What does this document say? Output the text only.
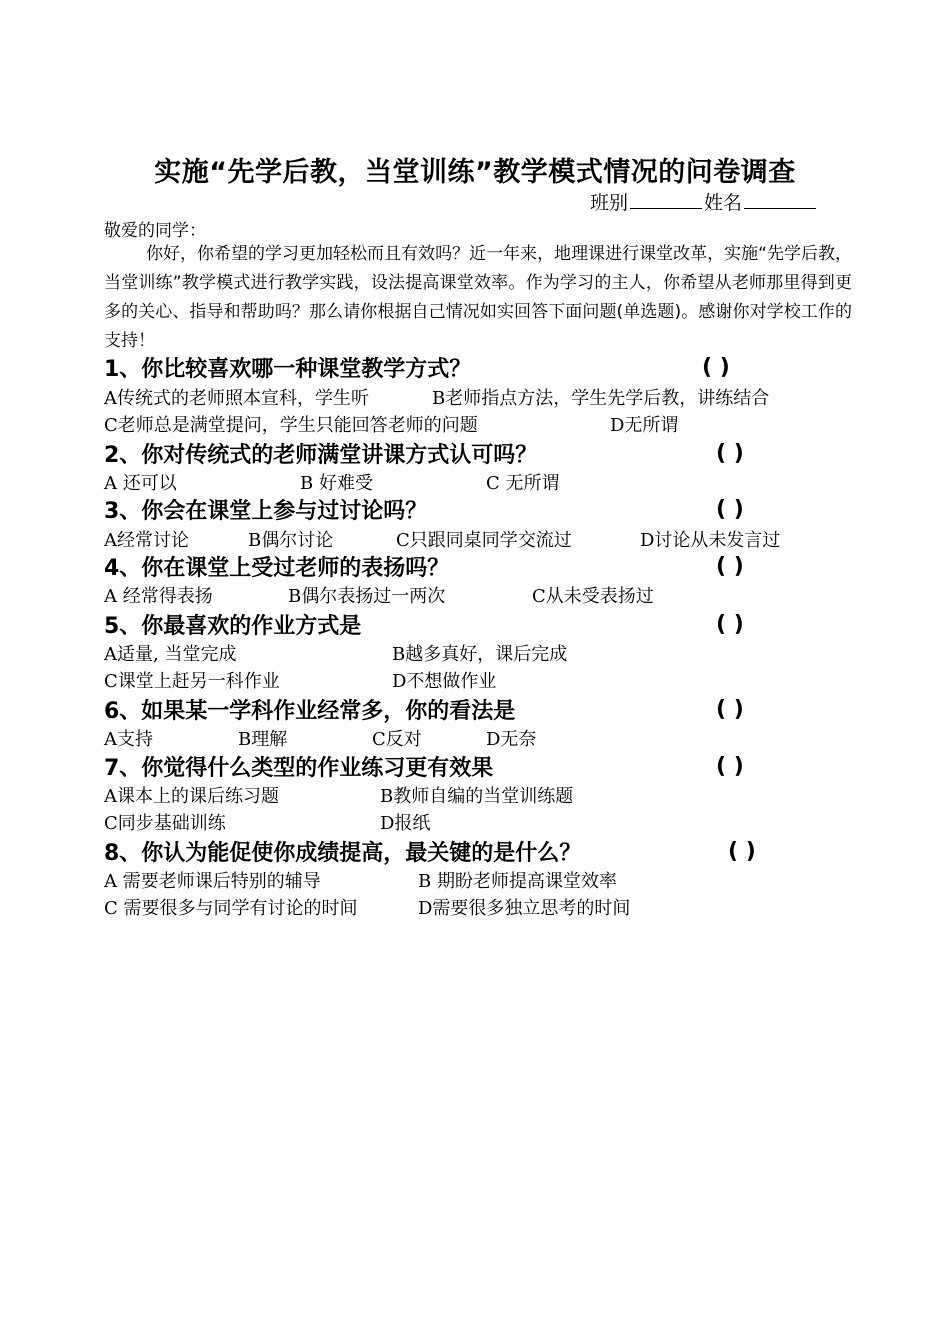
实施“先学后教，当堂训练”教学模式情况的问卷调查
班别	姓名
敬爱的同学：
你好，你希望的学习更加轻松而且有效吗？近一年来，地理课进行课堂改革，实施“先学后教，当堂训练”教学模式进行教学实践，设法提高课堂效率。作为学习的主人，你希望从老师那里得到更多的关心、指导和帮助吗？那么请你根据自己情况如实回答下面问题(单选题)。感谢你对学校工作的支持！
1、你比较喜欢哪一种课堂教学方式？	( )
A传统式的老师照本宣科，学生听	B老师指点方法，学生先学后教，讲练结合
C老师总是满堂提问，学生只能回答老师的问题	D无所谓
2、你对传统式的老师满堂讲课方式认可吗？	( )
A 还可以	B 好难受	C 无所谓
3、你会在课堂上参与过讨论吗？	( )
A经常讨论	B偶尔讨论	C只跟同桌同学交流过	D讨论从未发言过
4、你在课堂上受过老师的表扬吗？	( )
A 经常得表扬	B偶尔表扬过一两次	C从未受表扬过
5、你最喜欢的作业方式是	( )
A适量, 当堂完成	B越多真好，课后完成
C课堂上赶另一科作业	D不想做作业
6、如果某一学科作业经常多，你的看法是	( )
A支持	B理解	C反对	D无奈
7、你觉得什么类型的作业练习更有效果	( )
A课本上的课后练习题	B教师自编的当堂训练题
C同步基础训练	D报纸
8、你认为能促使你成绩提高，最关键的是什么？	( )
A 需要老师课后特别的辅导	B 期盼老师提高课堂效率
C 需要很多与同学有讨论的时间	D需要很多独立思考的时间
